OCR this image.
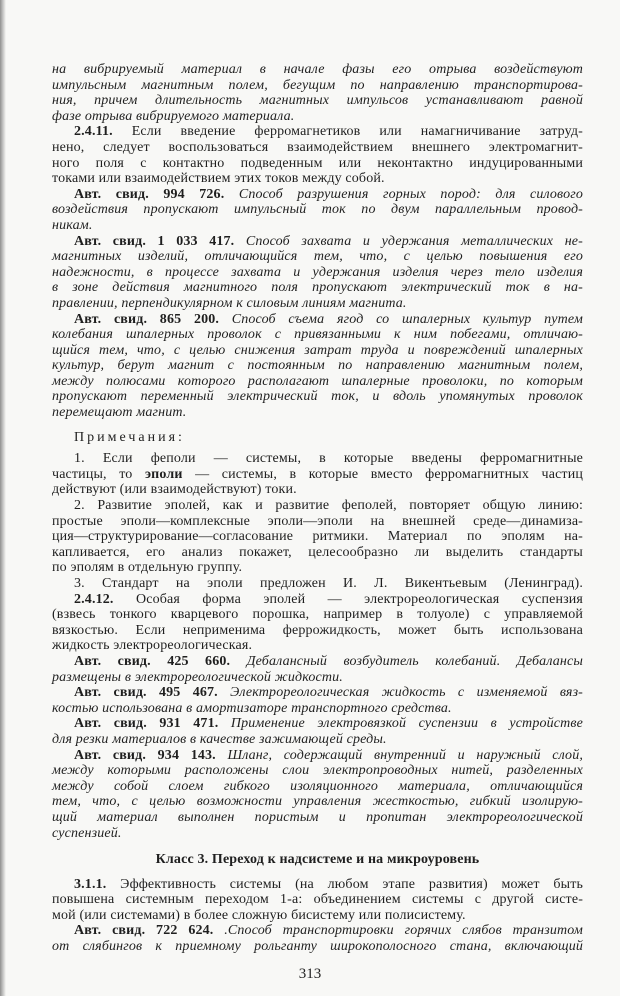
на вибрируемый материал в начале фазы его отрыва воздействуют
импульсным магнитным полем, бегущим по направлению транспортирова-
ния, причем длительность магнитных импульсов устанавливают равной
фазе отрыва вибрируемого материала.
2.4.11. Если введение ферромагнетиков или намагничивание затруд-
нено, следует воспользоваться взаимодействием внешнего электромагнит-
ного поля с контактно подведенным или неконтактно индуцированными
токами или взаимодействием этих токов между собой.
Авт. свид. 994 726. Способ разрушения горных пород: для силового
воздействия пропускают импульсный ток по двум параллельным провод-
никам.
Авт. свид. 1 033 417. Способ захвата и удержания металлических не-
магнитных изделий, отличающийся тем, что, с целью повышения его
надежности, в процессе захвата и удержания изделия через тело изделия
в зоне действия магнитного поля пропускают электрический ток в на-
правлении, перпендикулярном к силовым линиям магнита.
Авт. свид. 865 200. Способ съема ягод со шпалерных культур путем
колебания шпалерных проволок с привязанными к ним побегами, отличаю-
щийся тем, что, с целью снижения затрат труда и повреждений шпалерных
культур, берут магнит с постоянным по направлению магнитным полем,
между полюсами которого располагают шпалерные проволоки, по которым
пропускают переменный электрический ток, и вдоль упомянутых проволок
перемещают магнит.
Примечания:
1. Если феполи — системы, в которые введены ферромагнитные
частицы, то эполи — системы, в которые вместо ферромагнитных частиц
действуют (или взаимодействуют) токи.
2. Развитие эполей, как и развитие феполей, повторяет общую линию:
простые эполи—комплексные эполи—эполи на внешней среде—динамиза-
ция—структурирование—согласование ритмики. Материал по эполям на-
капливается, его анализ покажет, целесообразно ли выделить стандарты
по эполям в отдельную группу.
3. Стандарт на эполи предложен И. Л. Викентьевым (Ленинград).
2.4.12. Особая форма эполей — электрореологическая суспензия
(взвесь тонкого кварцевого порошка, например в толуоле) с управляемой
вязкостью. Если неприменима феррожидкость, может быть использована
жидкость электрореологическая.
Авт. свид. 425 660. Дебалансный возбудитель колебаний. Дебалансы
размещены в электрореологической жидкости.
Авт. свид. 495 467. Электрореологическая жидкость с изменяемой вяз-
костью использована в амортизаторе транспортного средства.
Авт. свид. 931 471. Применение электровязкой суспензии в устройстве
для резки материалов в качестве зажимающей среды.
Авт. свид. 934 143. Шланг, содержащий внутренний и наружный слой,
между которыми расположены слои электропроводных нитей, разделенных
между собой слоем гибкого изоляционного материала, отличающийся
тем, что, с целью возможности управления жесткостью, гибкий изолирую-
щий материал выполнен пористым и пропитан электрореологической
суспензией.
Класс 3. Переход к надсистеме и на микроуровень
3.1.1. Эффективность системы (на любом этапе развития) может быть
повышена системным переходом 1-а: объединением системы с другой систе-
мой (или системами) в более сложную бисистему или полисистему.
Авт. свид. 722 624. .Способ транспортировки горячих слябов транзитом
от слябингов к приемному рольганту широкополосного стана, включающий
313
